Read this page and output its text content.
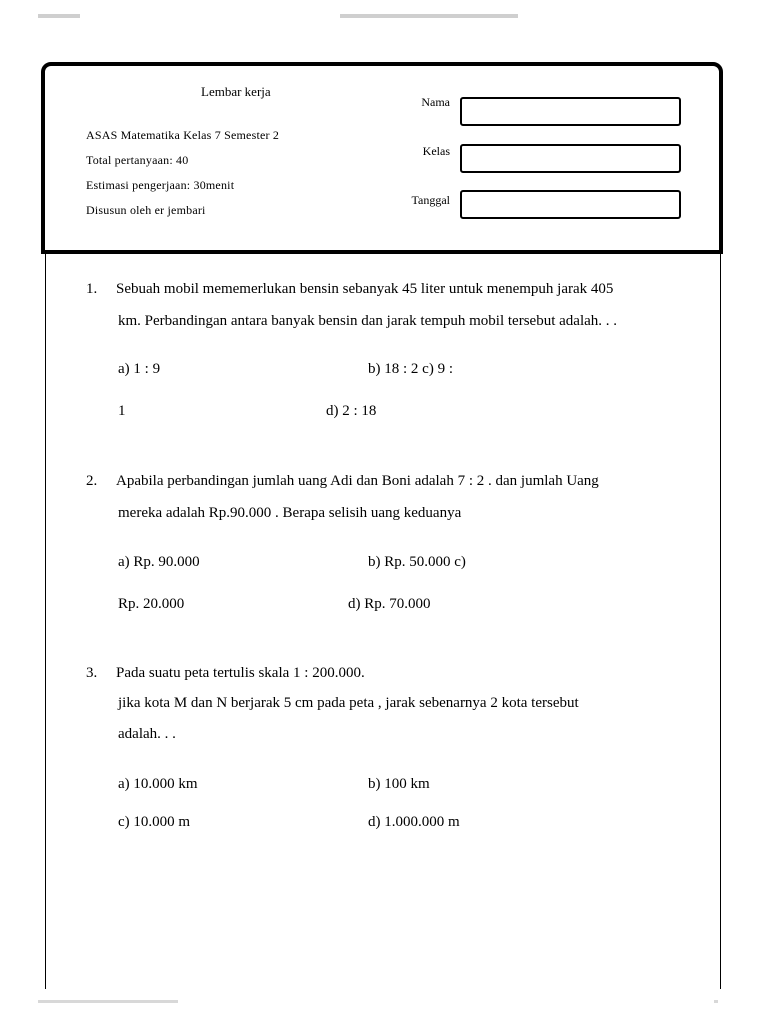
Lembar kerja
ASAS Matematika Kelas 7 Semester 2
Total pertanyaan: 40
Estimasi pengerjaan: 30menit
Disusun oleh er jembari
Nama
Kelas
Tanggal
1. Sebuah mobil mememerlukan bensin sebanyak 45 liter untuk menempuh jarak 405
km. Perbandingan antara banyak bensin dan jarak tempuh mobil tersebut adalah. . .
a) 1 : 9	b) 18 : 2 c) 9 :
1	d) 2 : 18
2. Apabila perbandingan jumlah uang Adi dan Boni adalah 7 : 2 . dan jumlah Uang
mereka adalah Rp.90.000 . Berapa selisih uang keduanya
a) Rp. 90.000	b) Rp. 50.000 c)
Rp. 20.000	d) Rp. 70.000
3. Pada suatu peta tertulis skala 1 : 200.000.
jika kota M dan N berjarak 5 cm pada peta , jarak sebenarnya 2 kota tersebut
adalah. . .
a) 10.000 km	b) 100 km
c) 10.000 m	d) 1.000.000 m
